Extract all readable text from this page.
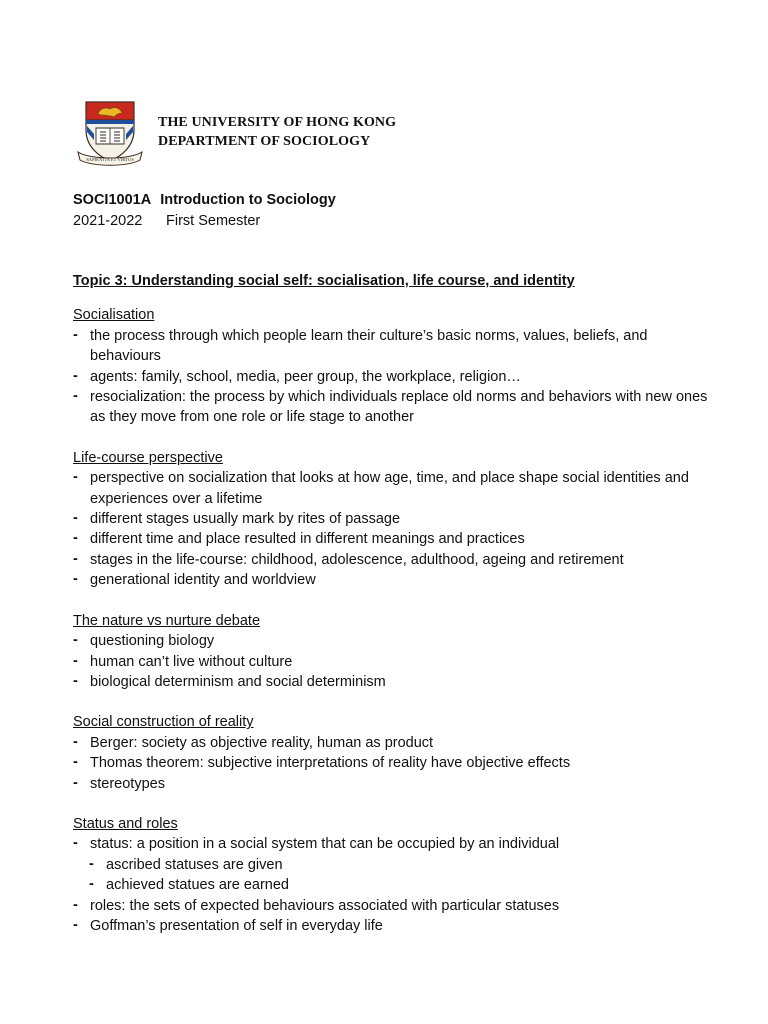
SAPIENTIA ET VIRTUS
THE UNIVERSITY OF HONG KONG
DEPARTMENT OF SOCIOLOGY
SOCI1001A Introduction to Sociology
2021-2022	First Semester
Topic 3: Understanding social self: socialisation, life course, and identity
Socialisation
- the process through which people learn their culture’s basic norms, values, beliefs, and behaviours
- agents: family, school, media, peer group, the workplace, religion…
- resocialization: the process by which individuals replace old norms and behaviors with new ones as they move from one role or life stage to another
Life-course perspective
- perspective on socialization that looks at how age, time, and place shape social identities and experiences over a lifetime
- different stages usually mark by rites of passage
- different time and place resulted in different meanings and practices
- stages in the life-course: childhood, adolescence, adulthood, ageing and retirement
- generational identity and worldview
The nature vs nurture debate
- questioning biology
- human can’t live without culture
- biological determinism and social determinism
Social construction of reality
- Berger: society as objective reality, human as product
- Thomas theorem: subjective interpretations of reality have objective effects
- stereotypes
Status and roles
- status: a position in a social system that can be occupied by an individual
- ascribed statuses are given
- achieved statues are earned
- roles: the sets of expected behaviours associated with particular statuses
- Goffman’s presentation of self in everyday life
